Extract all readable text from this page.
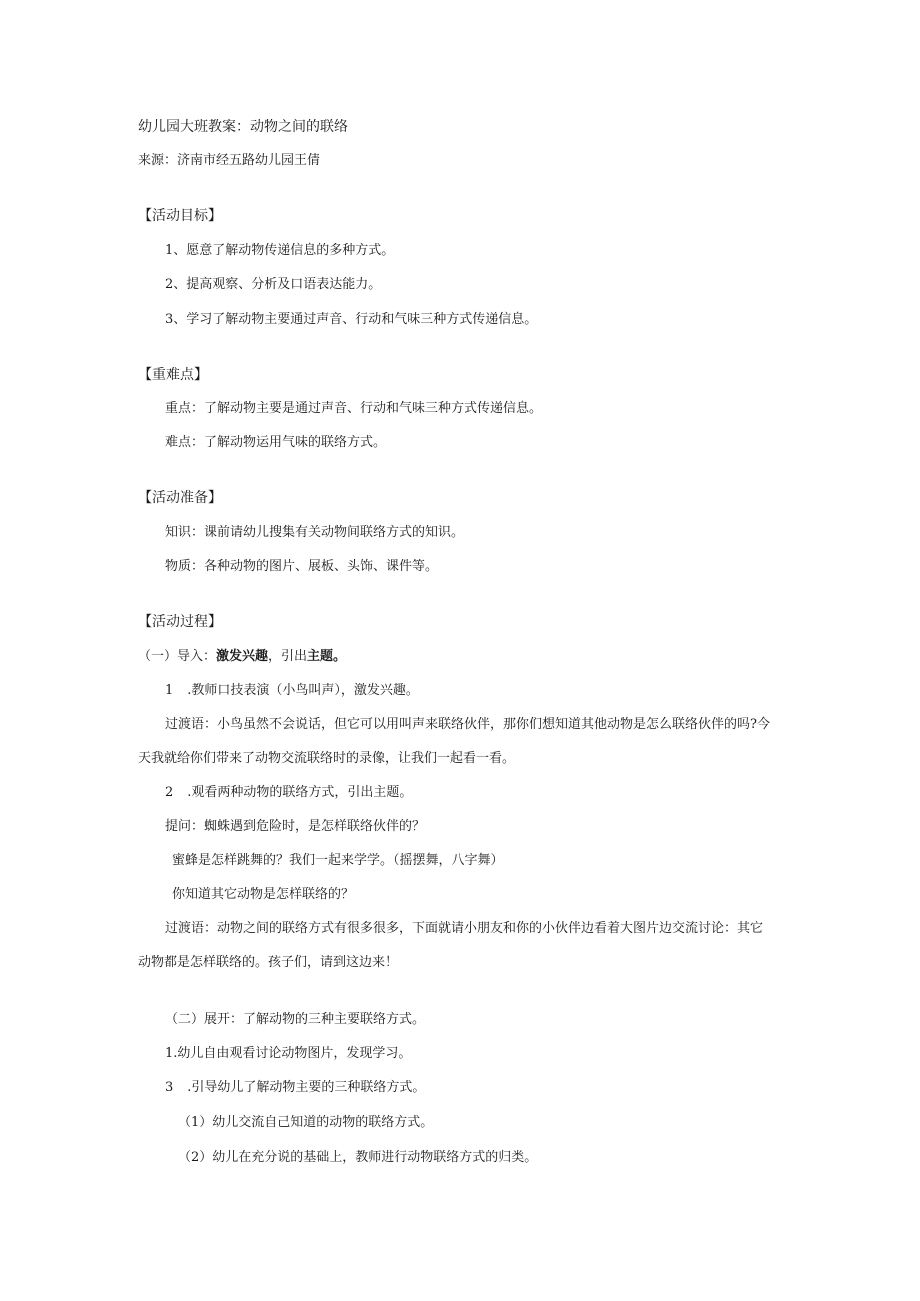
幼儿园大班教案：动物之间的联络

来源：济南市经五路幼儿园王倩

【活动目标】

1、愿意了解动物传递信息的多种方式。

2、提高观察、分析及口语表达能力。

3、学习了解动物主要通过声音、行动和气味三种方式传递信息。

【重难点】

重点：了解动物主要是通过声音、行动和气味三种方式传递信息。

难点：了解动物运用气味的联络方式。

【活动准备】

知识：课前请幼儿搜集有关动物间联络方式的知识。

物质：各种动物的图片、展板、头饰、课件等。

【活动过程】

（一）导入：激发兴趣，引出主题。

1 .教师口技表演（小鸟叫声），激发兴趣。

过渡语：小鸟虽然不会说话，但它可以用叫声来联络伙伴，那你们想知道其他动物是怎么联络伙伴的吗?今

天我就给你们带来了动物交流联络时的录像，让我们一起看一看。

2 .观看两种动物的联络方式，引出主题。

提问：蜘蛛遇到危险时，是怎样联络伙伴的？

蜜蜂是怎样跳舞的？我们一起来学学。（摇摆舞，八字舞）

你知道其它动物是怎样联络的？

过渡语：动物之间的联络方式有很多很多，下面就请小朋友和你的小伙伴边看着大图片边交流讨论：其它

动物都是怎样联络的。孩子们，请到这边来！

（二）展开：了解动物的三种主要联络方式。

1.幼儿自由观看讨论动物图片，发现学习。

3 .引导幼儿了解动物主要的三种联络方式。

（1）幼儿交流自己知道的动物的联络方式。

（2）幼儿在充分说的基础上，教师进行动物联络方式的归类。
